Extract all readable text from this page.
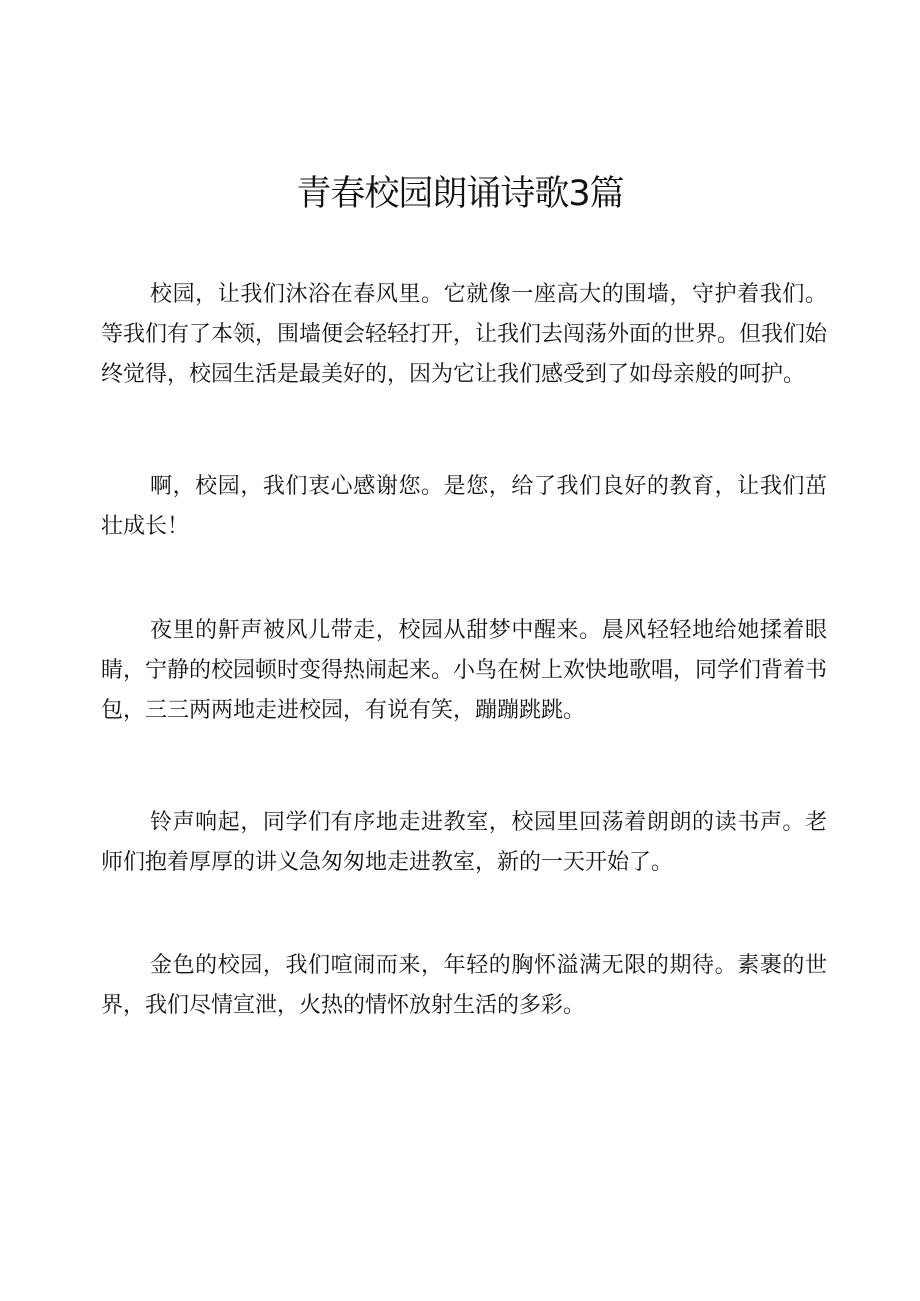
青春校园朗诵诗歌3篇

校园，让我们沐浴在春风里。它就像一座高大的围墙，守护着我们。等我们有了本领，围墙便会轻轻打开，让我们去闯荡外面的世界。但我们始终觉得，校园生活是最美好的，因为它让我们感受到了如母亲般的呵护。

啊，校园，我们衷心感谢您。是您，给了我们良好的教育，让我们茁壮成长！

夜里的鼾声被风儿带走，校园从甜梦中醒来。晨风轻轻地给她揉着眼睛，宁静的校园顿时变得热闹起来。小鸟在树上欢快地歌唱，同学们背着书包，三三两两地走进校园，有说有笑，蹦蹦跳跳。

铃声响起，同学们有序地走进教室，校园里回荡着朗朗的读书声。老师们抱着厚厚的讲义急匆匆地走进教室，新的一天开始了。

金色的校园，我们喧闹而来，年轻的胸怀溢满无限的期待。素裹的世界，我们尽情宣泄，火热的情怀放射生活的多彩。
